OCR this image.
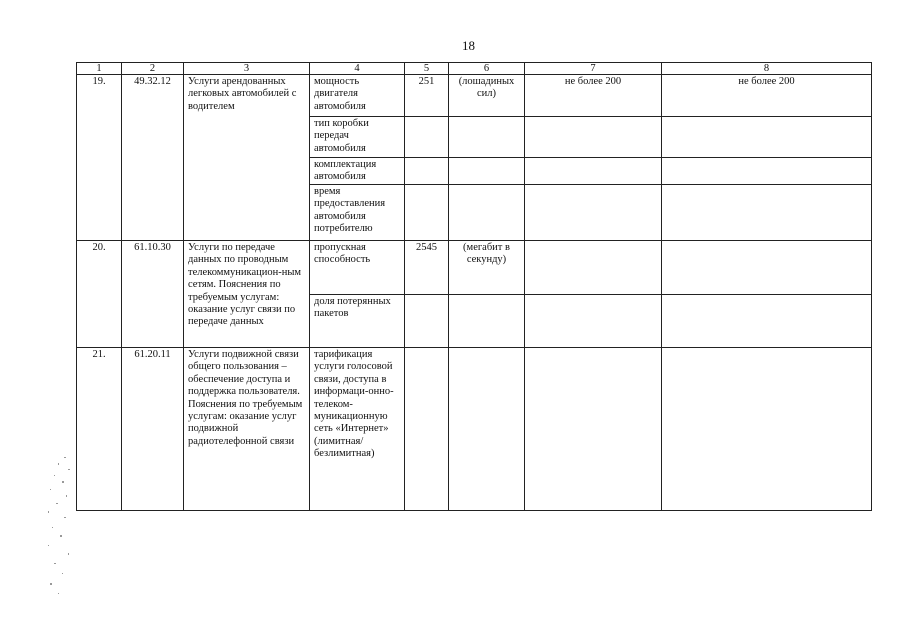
18
1	2	3	4	5	6	7	8
19.	49.32.12	Услуги арендованных легковых автомобилей с водителем	мощность двигателя автомобиля	251	(лошадиных сил)	не более 200	не более 200
			тип коробки передач автомобиля				
			комплектация автомобиля				
			время предоставления автомобиля потребителю				
20.	61.10.30	Услуги по передаче данных по проводным телекоммуникацион-ным сетям. Пояснения по требуемым услугам: оказание услуг связи по передаче данных	пропускная способность	2545	(мегабит в секунду)		
			доля потерянных пакетов				
21.	61.20.11	Услуги подвижной связи общего пользования – обеспечение доступа и поддержка пользователя. Пояснения по требуемым услугам: оказание услуг подвижной радиотелефонной связи	тарификация услуги голосовой связи, доступа в информаци-онно-телеком-муникационную сеть «Интернет» (лимитная/ безлимитная)				
